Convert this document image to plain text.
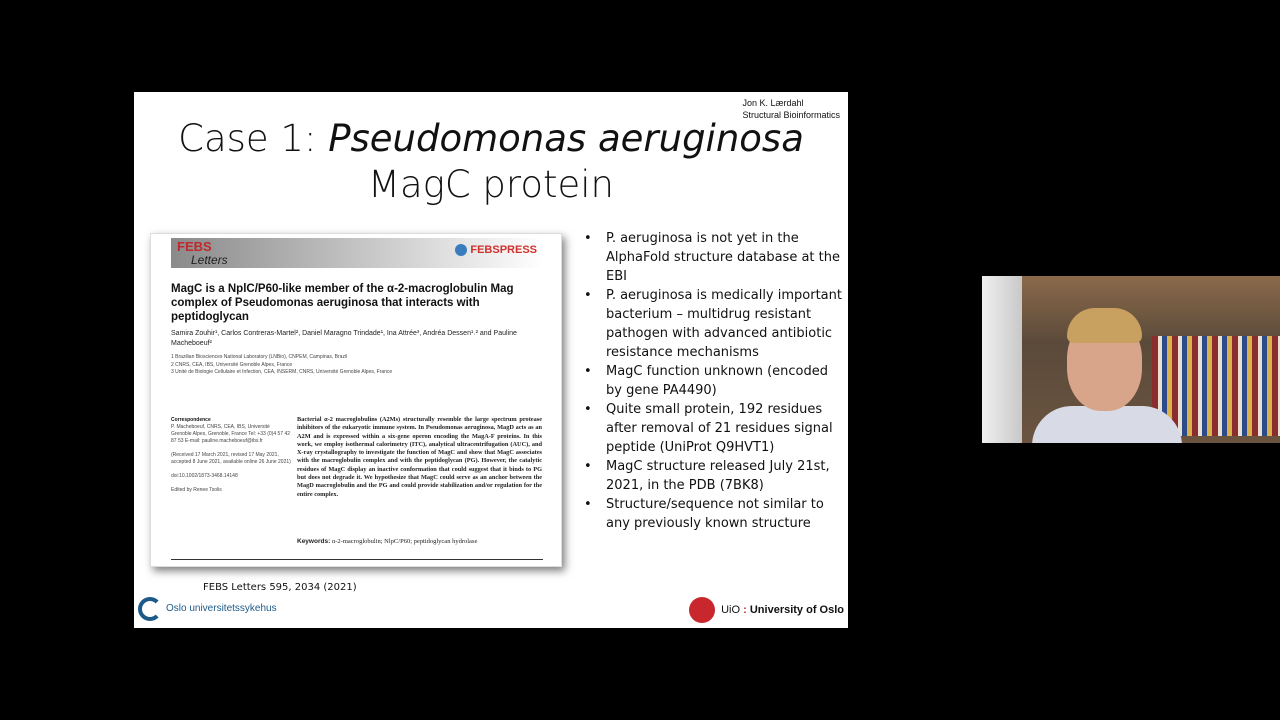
Jon K. Lærdahl
Structural Bioinformatics
Case 1: Pseudomonas aeruginosa
MagC protein
FEBS
Letters
FEBSPRESS
MagC is a NplC/P60-like member of the α-2-macroglobulin Mag complex of Pseudomonas aeruginosa that interacts with peptidoglycan
Samira Zouhir¹, Carlos Contreras-Martel², Daniel Maragno Trindade¹, Ina Attrée³, Andréa Dessen¹˒² and Pauline Macheboeuf²
1 Brazilian Biosciences National Laboratory (LNBio), CNPEM, Campinas, Brazil
2 CNRS, CEA, IBS, Université Grenoble Alpes, France
3 Unité de Biologie Cellulaire et Infection, CEA, INSERM, CNRS, Université Grenoble Alpes, France
Correspondence
P. Macheboeuf, CNRS, CEA, IBS, Université Grenoble Alpes, Grenoble, France Tel: +33 (0)4 57 42 87 53 E-mail: pauline.macheboeuf@ibs.fr

(Received 17 March 2021, revised 17 May 2021, accepted 8 June 2021, available online 26 June 2021)

doi:10.1002/1873-3468.14148

Edited by Renee Tsolis
Bacterial α-2 macroglobulins (A2Ms) structurally resemble the large spectrum protease inhibitors of the eukaryotic immune system. In Pseudomonas aeruginosa, MagD acts as an A2M and is expressed within a six-gene operon encoding the MagA-F proteins. In this work, we employ isothermal calorimetry (ITC), analytical ultracentrifugation (AUC), and X-ray crystallography to investigate the function of MagC and show that MagC associates with the macroglobulin complex and with the peptidoglycan (PG). However, the catalytic residues of MagC display an inactive conformation that could suggest that it binds to PG but does not degrade it. We hypothesize that MagC could serve as an anchor between the MagD macroglobulin and the PG and could provide stabilization and/or regulation for the entire complex.
Keywords: α-2-macroglobulin; NlpC/P60; peptidoglycan hydrolase
• P. aeruginosa is not yet in the AlphaFold structure database at the EBI
• P. aeruginosa is medically important bacterium – multidrug resistant pathogen with advanced antibiotic resistance mechanisms
• MagC function unknown (encoded by gene PA4490)
• Quite small protein, 192 residues after removal of 21 residues signal peptide (UniProt Q9HVT1)
• MagC structure released July 21st, 2021, in the PDB (7BK8)
• Structure/sequence not similar to any previously known structure
FEBS Letters 595, 2034 (2021)
Oslo universitetssykehus	UiO : University of Oslo
